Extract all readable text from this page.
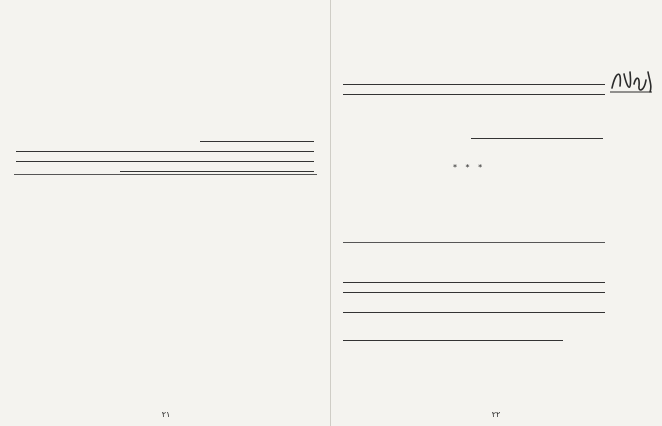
۲۱

* * *

۲۲
